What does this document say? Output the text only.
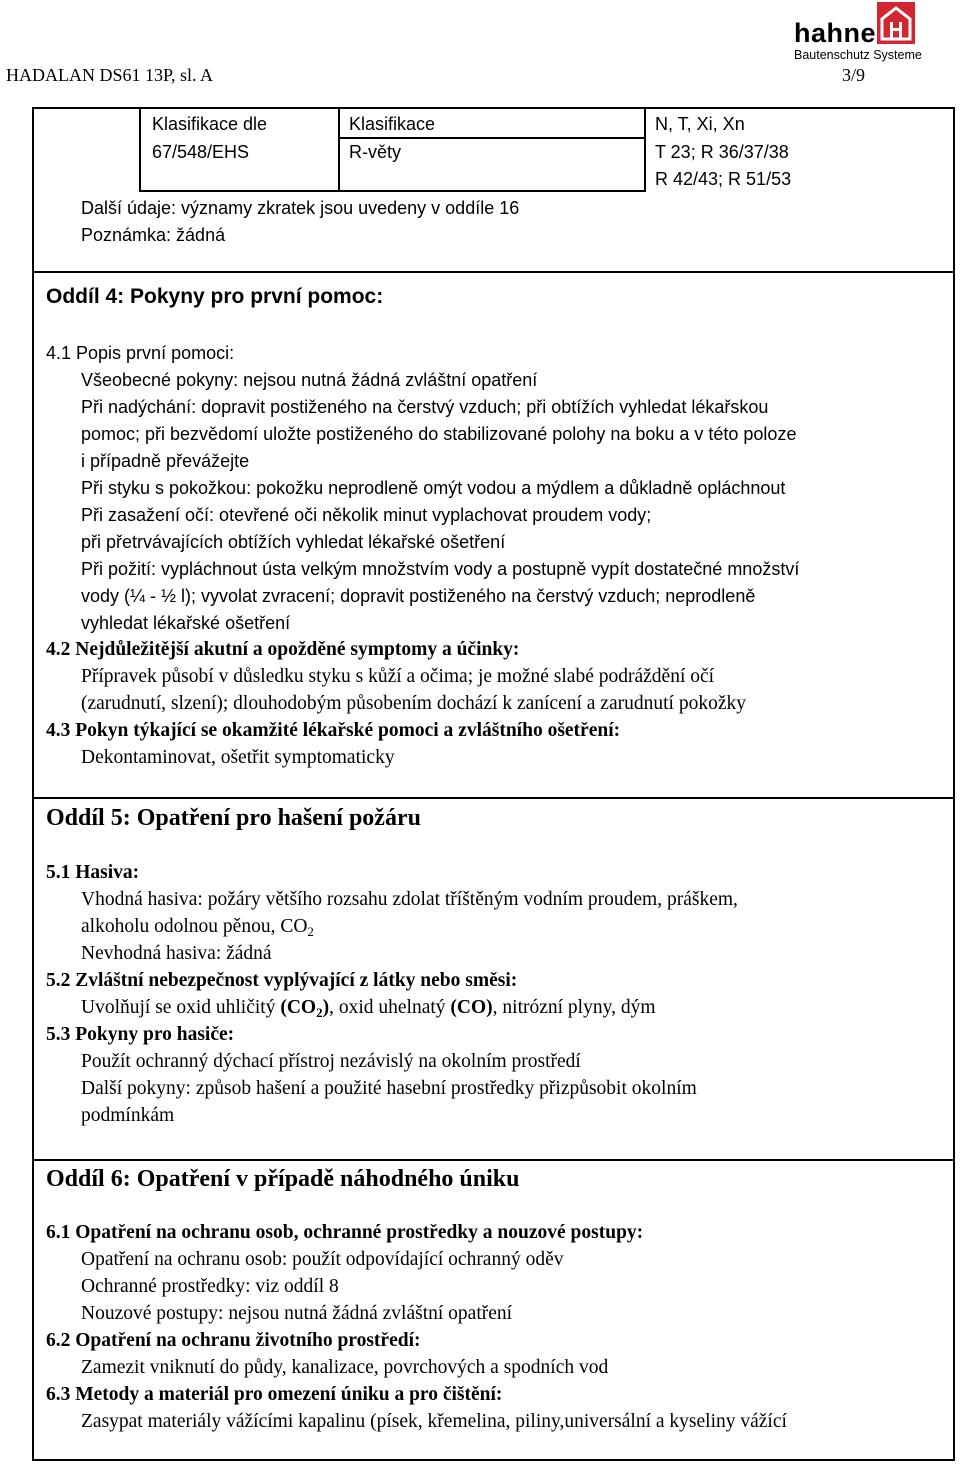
HADALAN DS61 13P, sl. A	3/9
hahne
Bautenschutz Systeme
Klasifikace dle
67/548/EHS
Klasifikace
R-věty
N, T, Xi, Xn
T 23; R 36/37/38
R 42/43; R 51/53
Další údaje: významy zkratek jsou uvedeny v oddíle 16
Poznámka: žádná
Oddíl 4: Pokyny pro první pomoc:
4.1 Popis první pomoci:
Všeobecné pokyny: nejsou nutná žádná zvláštní opatření
Při nadýchání: dopravit postiženého na čerstvý vzduch; při obtížích vyhledat lékařskou
pomoc; při bezvědomí uložte postiženého do stabilizované polohy na boku a v této poloze
i případně převážejte
Při styku s pokožkou: pokožku neprodleně omýt vodou a mýdlem a důkladně opláchnout
Při zasažení očí: otevřené oči několik minut vyplachovat proudem vody;
při přetrvávajících obtížích vyhledat lékařské ošetření
Při požití: vypláchnout ústa velkým množstvím vody a postupně vypít dostatečné množství
vody (¼ - ½ l); vyvolat zvracení; dopravit postiženého na čerstvý vzduch; neprodleně
vyhledat lékařské ošetření
4.2 Nejdůležitější akutní a opožděné symptomy a účinky:
Přípravek působí v důsledku styku s kůží a očima; je možné slabé podráždění očí
(zarudnutí, slzení); dlouhodobým působením dochází k zanícení a zarudnutí pokožky
4.3 Pokyn týkající se okamžité lékařské pomoci a zvláštního ošetření:
Dekontaminovat, ošetřit symptomaticky
Oddíl 5: Opatření pro hašení požáru
5.1 Hasiva:
Vhodná hasiva: požáry většího rozsahu zdolat tříštěným vodním proudem, práškem,
alkoholu odolnou pěnou, $CO_2$
Nevhodná hasiva: žádná
5.2 Zvláštní nebezpečnost vyplývající z látky nebo směsi:
Uvolňují se oxid uhličitý $(CO_2)$, oxid uhelnatý (CO), nitrózní plyny, dým
5.3 Pokyny pro hasiče:
Použít ochranný dýchací přístroj nezávislý na okolním prostředí
Další pokyny: způsob hašení a použité hasební prostředky přizpůsobit okolním
podmínkám
Oddíl 6: Opatření v případě náhodného úniku
6.1 Opatření na ochranu osob, ochranné prostředky a nouzové postupy:
Opatření na ochranu osob: použít odpovídající ochranný oděv
Ochranné prostředky: viz oddíl 8
Nouzové postupy: nejsou nutná žádná zvláštní opatření
6.2 Opatření na ochranu životního prostředí:
Zamezit vniknutí do půdy, kanalizace, povrchových a spodních vod
6.3 Metody a materiál pro omezení úniku a pro čištění:
Zasypat materiály vážícími kapalinu (písek, křemelina, piliny,universální a kyseliny vážící
